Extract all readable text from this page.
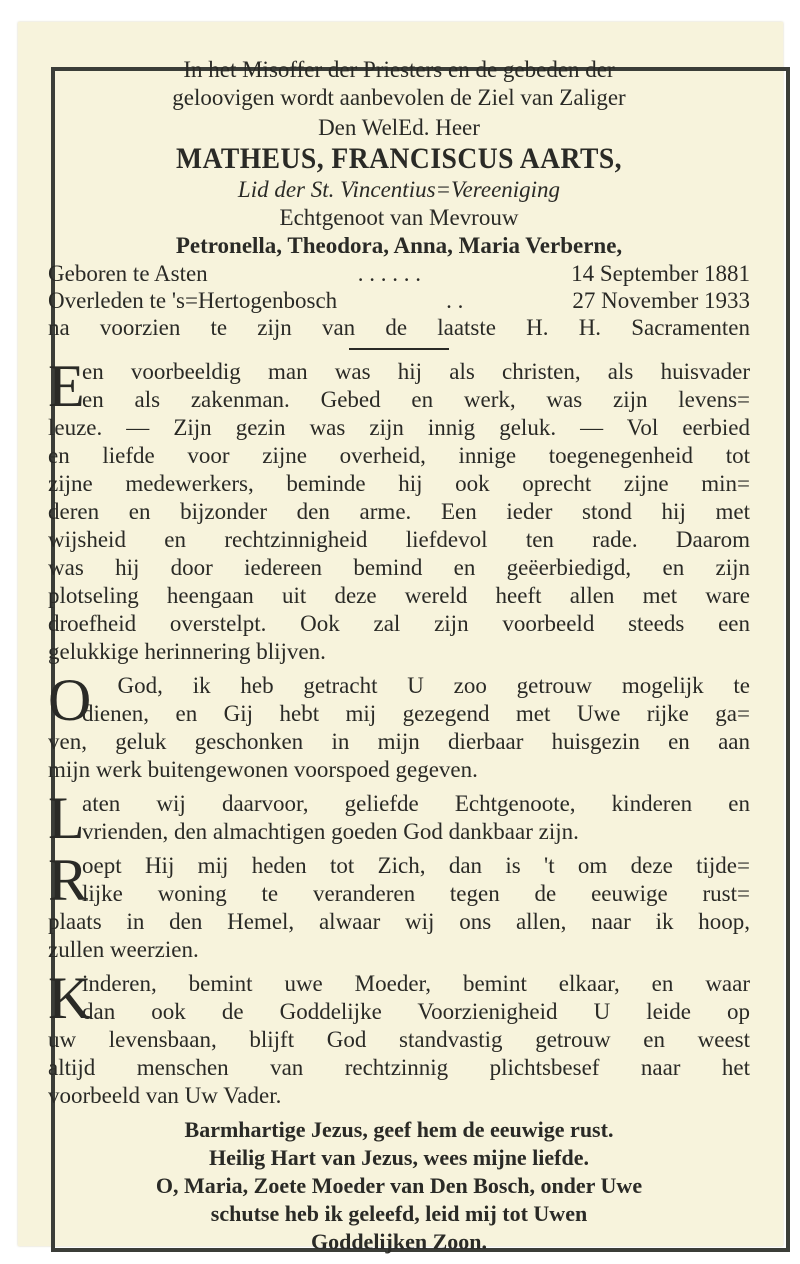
In het Misoffer der Priesters en de gebeden der
geloovigen wordt aanbevolen de Ziel van Zaliger
Den WelEd. Heer
MATHEUS, FRANCISCUS AARTS,
Lid der St. Vincentius=Vereeniging
Echtgenoot van Mevrouw
Petronella, Theodora, Anna, Maria Verberne,
Geboren te Asten	. . . . . .	14 September 1881
Overleden te 's=Hertogenbosch	. .	27 November 1933
na voorzien te zijn van de laatste H. H. Sacramenten
E
en voorbeeldig man was hij als christen, als huisvader
en als zakenman. Gebed en werk, was zijn levens=
leuze. — Zijn gezin was zijn innig geluk. — Vol eerbied
en liefde voor zijne overheid, innige toegenegenheid tot
zijne medewerkers, beminde hij ook oprecht zijne min=
deren en bijzonder den arme. Een ieder stond hij met
wijsheid en rechtzinnigheid liefdevol ten rade. Daarom
was hij door iedereen bemind en geëerbiedigd, en zijn
plotseling heengaan uit deze wereld heeft allen met ware
droefheid overstelpt. Ook zal zijn voorbeeld steeds een
gelukkige herinnering blijven.
O
, God, ik heb getracht U zoo getrouw mogelijk te
dienen, en Gij hebt mij gezegend met Uwe rijke ga=
ven, geluk geschonken in mijn dierbaar huisgezin en aan
mijn werk buitengewonen voorspoed gegeven.
L
aten wij daarvoor, geliefde Echtgenoote, kinderen en
vrienden, den almachtigen goeden God dankbaar zijn.
R
oept Hij mij heden tot Zich, dan is 't om deze tijde=
lijke woning te veranderen tegen de eeuwige rust=
plaats in den Hemel, alwaar wij ons allen, naar ik hoop,
zullen weerzien.
K
inderen, bemint uwe Moeder, bemint elkaar, en waar
dan ook de Goddelijke Voorzienigheid U leide op
uw levensbaan, blijft God standvastig getrouw en weest
altijd menschen van rechtzinnig plichtsbesef naar het
voorbeeld van Uw Vader.
Barmhartige Jezus, geef hem de eeuwige rust.
Heilig Hart van Jezus, wees mijne liefde.
O, Maria, Zoete Moeder van Den Bosch, onder Uwe
schutse heb ik geleefd, leid mij tot Uwen
Goddelijken Zoon.
